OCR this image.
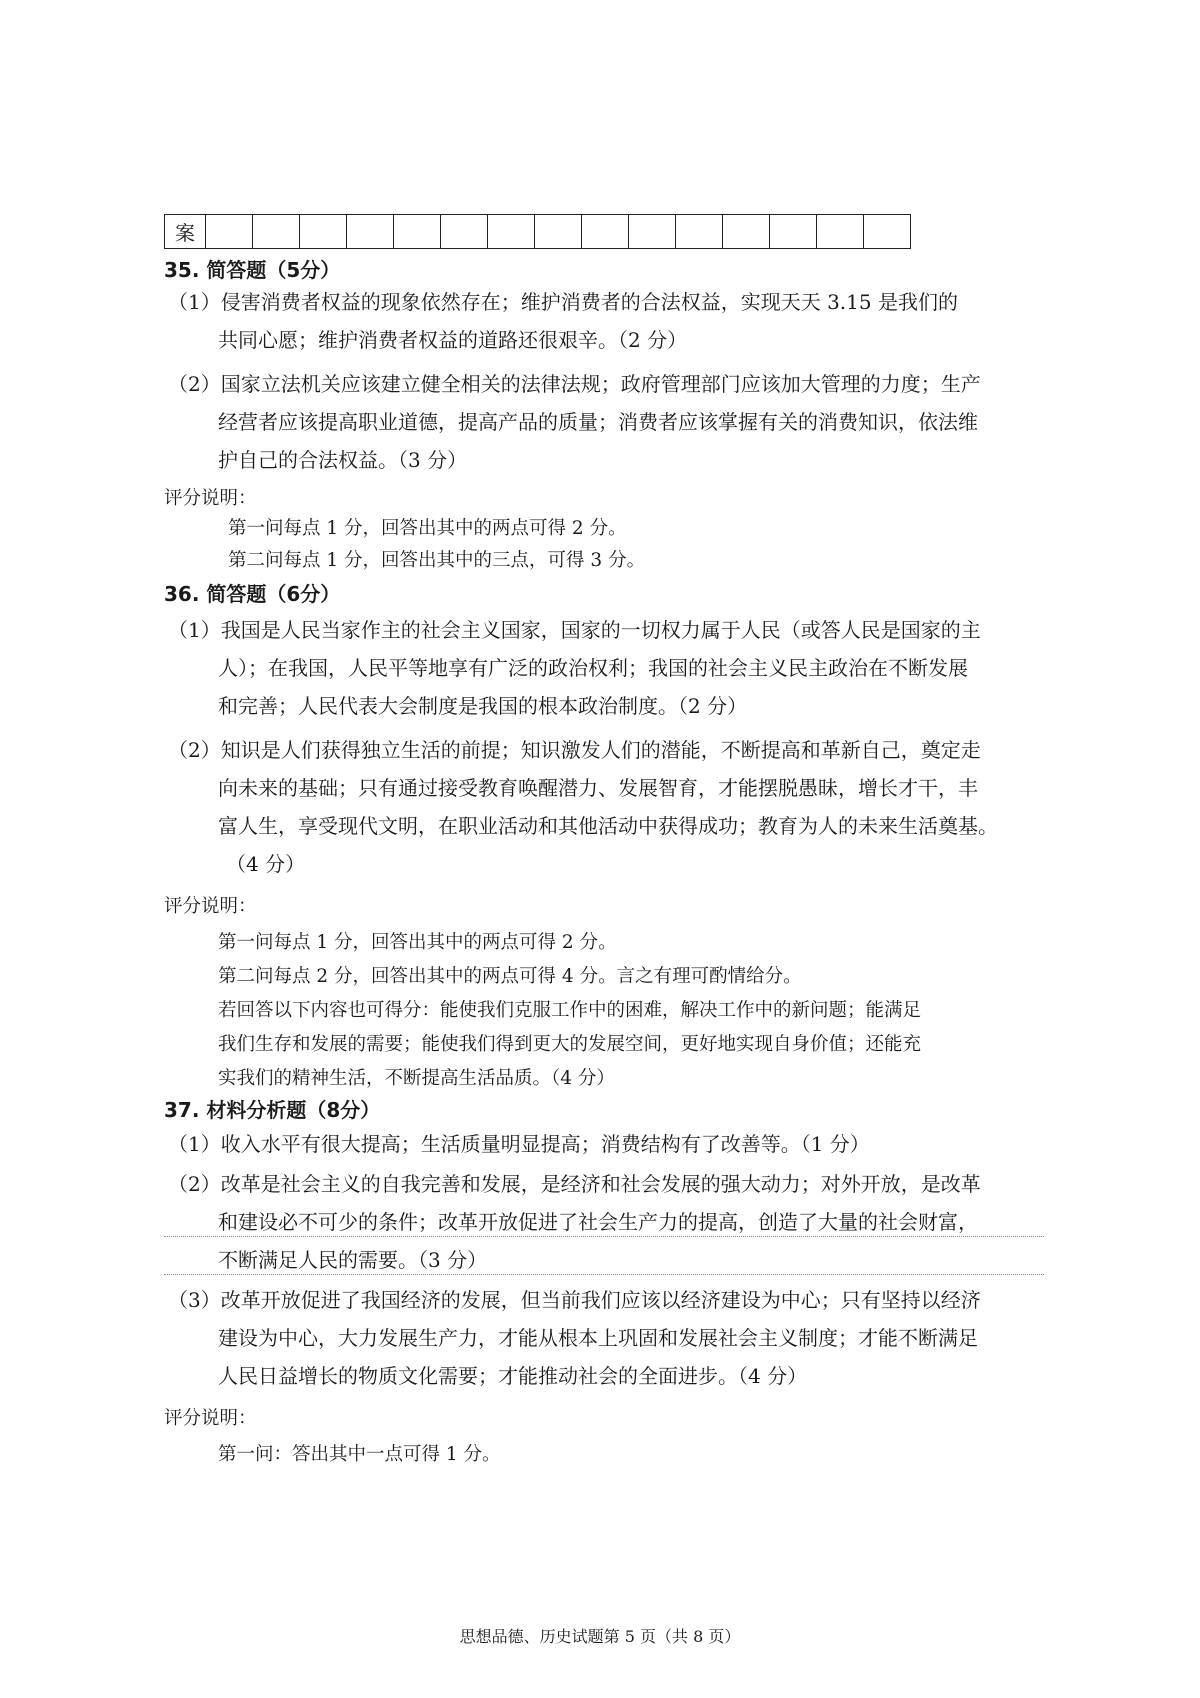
案															
35. 简答题（5分）
（1）侵害消费者权益的现象依然存在；维护消费者的合法权益，实现天天 3.15 是我们的
共同心愿；维护消费者权益的道路还很艰辛。（2 分）
（2）国家立法机关应该建立健全相关的法律法规；政府管理部门应该加大管理的力度；生产
经营者应该提高职业道德，提高产品的质量；消费者应该掌握有关的消费知识，依法维
护自己的合法权益。（3 分）
评分说明：
第一问每点 1 分，回答出其中的两点可得 2 分。
第二问每点 1 分，回答出其中的三点，可得 3 分。
36. 简答题（6分）
（1）我国是人民当家作主的社会主义国家，国家的一切权力属于人民（或答人民是国家的主
人）；在我国，人民平等地享有广泛的政治权利；我国的社会主义民主政治在不断发展
和完善；人民代表大会制度是我国的根本政治制度。（2 分）
（2）知识是人们获得独立生活的前提；知识激发人们的潜能，不断提高和革新自己，奠定走
向未来的基础；只有通过接受教育唤醒潜力、发展智育，才能摆脱愚昧，增长才干，丰
富人生，享受现代文明，在职业活动和其他活动中获得成功；教育为人的未来生活奠基。
（4 分）
评分说明：
第一问每点 1 分，回答出其中的两点可得 2 分。
第二问每点 2 分，回答出其中的两点可得 4 分。言之有理可酌情给分。
若回答以下内容也可得分：能使我们克服工作中的困难，解决工作中的新问题；能满足
我们生存和发展的需要；能使我们得到更大的发展空间，更好地实现自身价值；还能充
实我们的精神生活，不断提高生活品质。（4 分）
37. 材料分析题（8分）
（1）收入水平有很大提高；生活质量明显提高；消费结构有了改善等。（1 分）
（2）改革是社会主义的自我完善和发展，是经济和社会发展的强大动力；对外开放，是改革
和建设必不可少的条件；改革开放促进了社会生产力的提高，创造了大量的社会财富，
不断满足人民的需要。（3 分）
（3）改革开放促进了我国经济的发展，但当前我们应该以经济建设为中心；只有坚持以经济
建设为中心，大力发展生产力，才能从根本上巩固和发展社会主义制度；才能不断满足
人民日益增长的物质文化需要；才能推动社会的全面进步。（4 分）
评分说明：
第一问：答出其中一点可得 1 分。
思想品德、历史试题第 5 页（共 8 页）
